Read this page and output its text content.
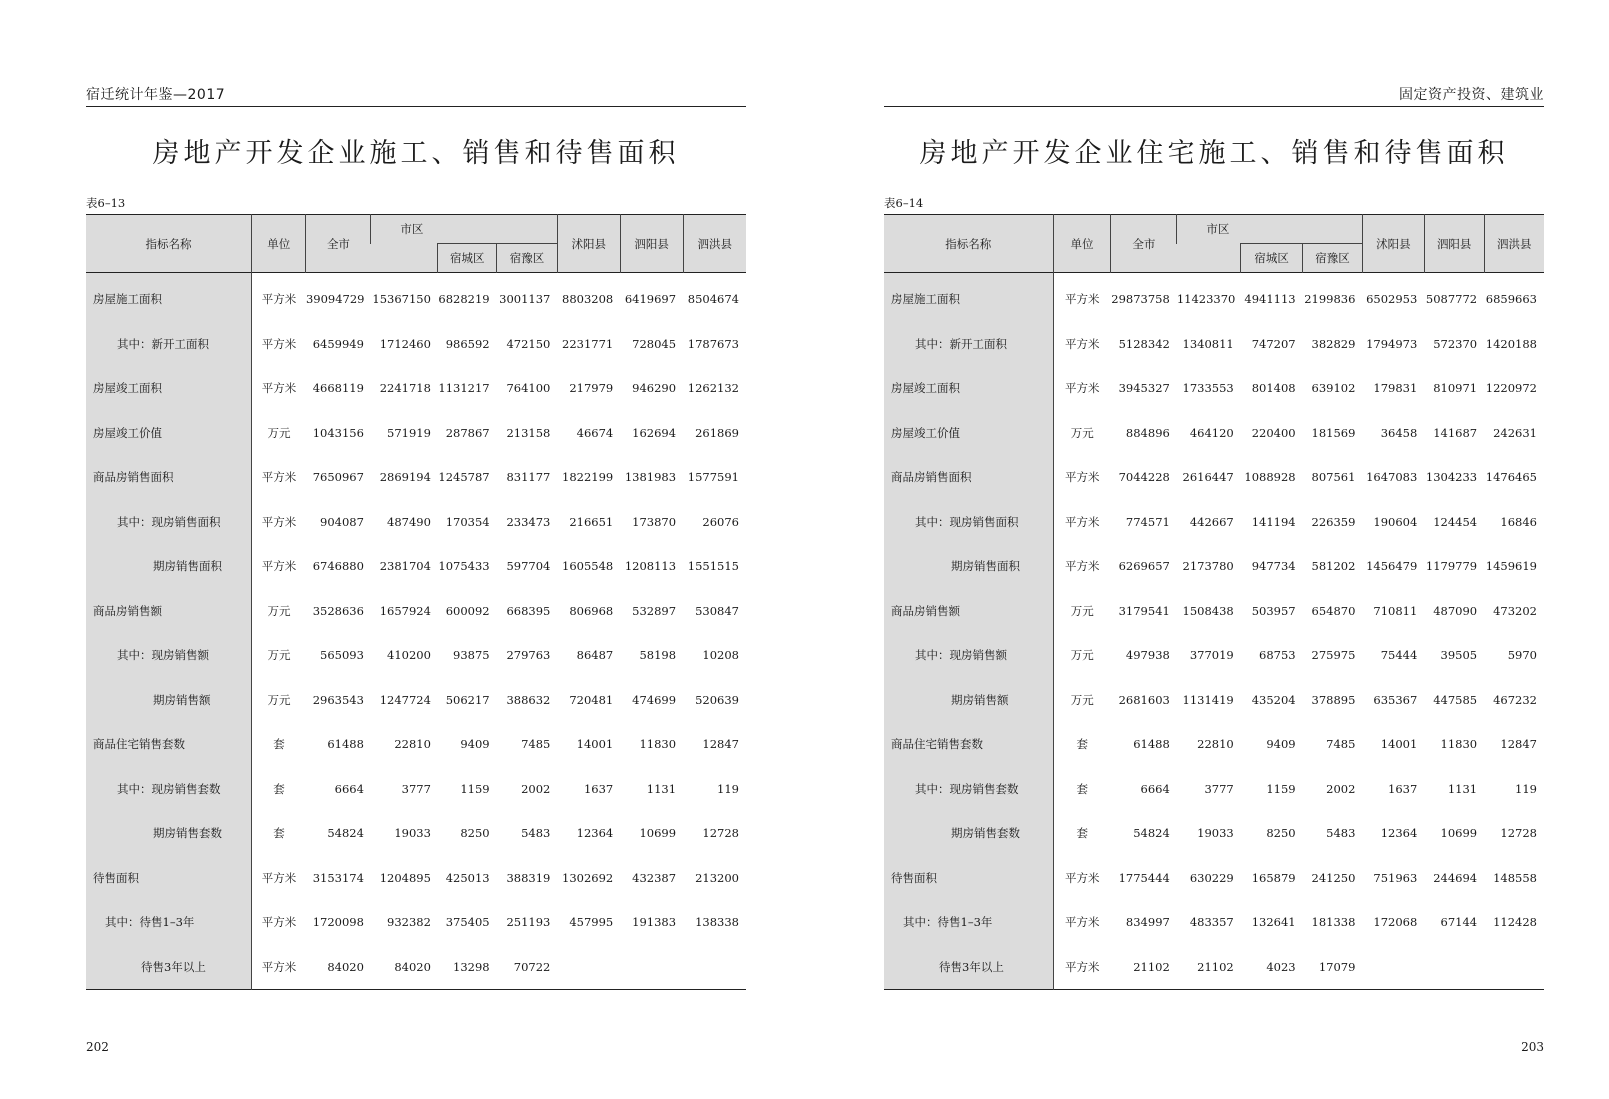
宿迁统计年鉴—2017
房地产开发企业施工、销售和待售面积
表6–13
指标名称	单位	全市	市区			沭阳县	泗阳县	泗洪县
				宿城区	宿豫区			
房屋施工面积	平方米	39094729	15367150	6828219	3001137	8803208	6419697	8504674
其中：新开工面积	平方米	6459949	1712460	986592	472150	2231771	728045	1787673
房屋竣工面积	平方米	4668119	2241718	1131217	764100	217979	946290	1262132
房屋竣工价值	万元	1043156	571919	287867	213158	46674	162694	261869
商品房销售面积	平方米	7650967	2869194	1245787	831177	1822199	1381983	1577591
其中：现房销售面积	平方米	904087	487490	170354	233473	216651	173870	26076
期房销售面积	平方米	6746880	2381704	1075433	597704	1605548	1208113	1551515
商品房销售额	万元	3528636	1657924	600092	668395	806968	532897	530847
其中：现房销售额	万元	565093	410200	93875	279763	86487	58198	10208
期房销售额	万元	2963543	1247724	506217	388632	720481	474699	520639
商品住宅销售套数	套	61488	22810	9409	7485	14001	11830	12847
其中：现房销售套数	套	6664	3777	1159	2002	1637	1131	119
期房销售套数	套	54824	19033	8250	5483	12364	10699	12728
待售面积	平方米	3153174	1204895	425013	388319	1302692	432387	213200
其中：待售1–3年	平方米	1720098	932382	375405	251193	457995	191383	138338
待售3年以上	平方米	84020	84020	13298	70722			
202
固定资产投资、建筑业
房地产开发企业住宅施工、销售和待售面积
表6–14
指标名称	单位	全市	市区			沭阳县	泗阳县	泗洪县
				宿城区	宿豫区			
房屋施工面积	平方米	29873758	11423370	4941113	2199836	6502953	5087772	6859663
其中：新开工面积	平方米	5128342	1340811	747207	382829	1794973	572370	1420188
房屋竣工面积	平方米	3945327	1733553	801408	639102	179831	810971	1220972
房屋竣工价值	万元	884896	464120	220400	181569	36458	141687	242631
商品房销售面积	平方米	7044228	2616447	1088928	807561	1647083	1304233	1476465
其中：现房销售面积	平方米	774571	442667	141194	226359	190604	124454	16846
期房销售面积	平方米	6269657	2173780	947734	581202	1456479	1179779	1459619
商品房销售额	万元	3179541	1508438	503957	654870	710811	487090	473202
其中：现房销售额	万元	497938	377019	68753	275975	75444	39505	5970
期房销售额	万元	2681603	1131419	435204	378895	635367	447585	467232
商品住宅销售套数	套	61488	22810	9409	7485	14001	11830	12847
其中：现房销售套数	套	6664	3777	1159	2002	1637	1131	119
期房销售套数	套	54824	19033	8250	5483	12364	10699	12728
待售面积	平方米	1775444	630229	165879	241250	751963	244694	148558
其中：待售1–3年	平方米	834997	483357	132641	181338	172068	67144	112428
待售3年以上	平方米	21102	21102	4023	17079			
203
